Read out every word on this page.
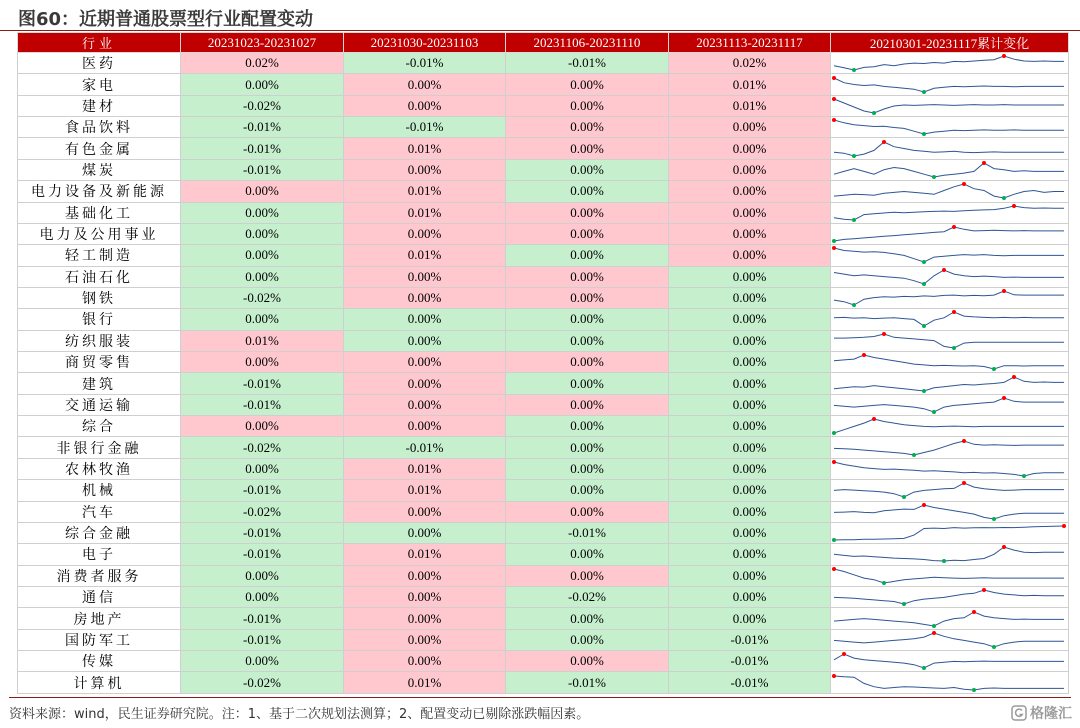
图60：近期普通股票型行业配置变动
行业	20231023-20231027	20231030-20231103	20231106-20231110	20231113-20231117	20210301-20231117累计变化
医药	0.02%	-0.01%	-0.01%	0.02%	

家电	0.00%	0.00%	0.00%	0.01%	

建材	-0.02%	0.00%	0.00%	0.01%	

食品饮料	-0.01%	-0.01%	0.00%	0.00%	

有色金属	-0.01%	0.01%	0.00%	0.00%	

煤炭	-0.01%	0.00%	0.00%	0.00%	

电力设备及新能源	0.00%	0.01%	0.00%	0.00%	

基础化工	0.00%	0.01%	0.00%	0.00%	

电力及公用事业	0.00%	0.00%	0.00%	0.00%	

轻工制造	0.00%	0.01%	0.00%	0.00%	

石油石化	0.00%	0.00%	0.00%	0.00%	

钢铁	-0.02%	0.00%	0.00%	0.00%	

银行	0.00%	0.00%	0.00%	0.00%	

纺织服装	0.01%	0.00%	0.00%	0.00%	

商贸零售	0.00%	0.00%	0.00%	0.00%	

建筑	-0.01%	0.00%	0.00%	0.00%	

交通运输	-0.01%	0.00%	0.00%	0.00%	

综合	0.00%	0.00%	0.00%	0.00%	

非银行金融	-0.02%	-0.01%	0.00%	0.00%	

农林牧渔	0.00%	0.01%	0.00%	0.00%	

机械	-0.01%	0.01%	0.00%	0.00%	

汽车	-0.02%	0.00%	0.00%	0.00%	

综合金融	-0.01%	0.00%	-0.01%	0.00%	

电子	-0.01%	0.01%	0.00%	0.00%	

消费者服务	0.00%	0.00%	0.00%	0.00%	

通信	0.00%	0.00%	-0.02%	0.00%	

房地产	-0.01%	0.00%	0.00%	0.00%	

国防军工	-0.01%	0.00%	0.00%	-0.01%	

传媒	0.00%	0.00%	0.00%	-0.01%	

计算机	-0.02%	0.01%	-0.01%	-0.01%	
资料来源：wind，民生证券研究院。注：1、基于二次规划法测算；2、配置变动已剔除涨跌幅因素。	格隆汇
